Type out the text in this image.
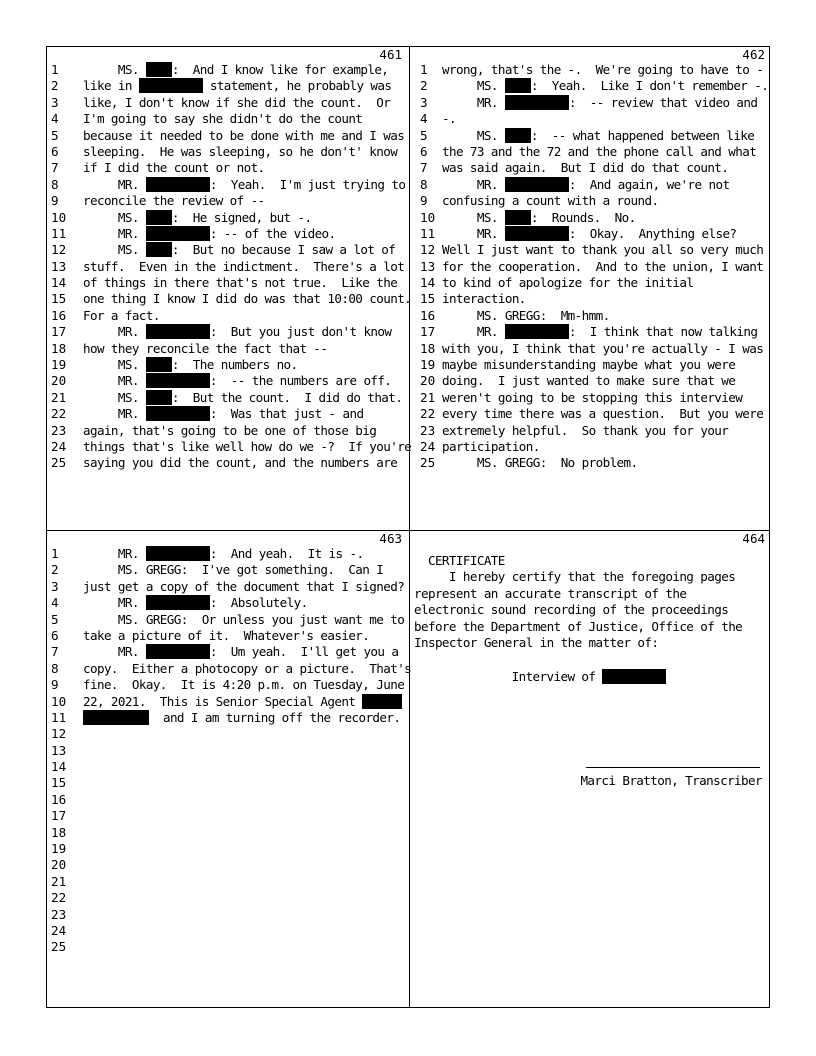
461
1	MS. :  And I know like for example,
2	like in	statement, he probably was
3	like, I don't know if she did the count.  Or
4	I'm going to say she didn't do the count
5	because it needed to be done with me and I was
6	sleeping.  He was sleeping, so he don't' know
7	if I did the count or not.
8	MR.	:  Yeah.  I'm just trying to
9	reconcile the review of --
10	MS. :  He signed, but -.
11	MR.	: -- of the video.
12	MS. :  But no because I saw a lot of
13	stuff.  Even in the indictment.  There's a lot
14	of things in there that's not true.  Like the
15	one thing I know I did do was that 10:00 count.
16	For a fact.
17	MR.	:  But you just don't know
18	how they reconcile the fact that --
19	MS. :  The numbers no.
20	MR.	:  -- the numbers are off.
21	MS. :  But the count.  I did do that.
22	MR.	:  Was that just - and
23	again, that's going to be one of those big
24	things that's like well how do we -?  If you're
25	saying you did the count, and the numbers are
462
1	wrong, that's the -.  We're going to have to -
2	MS. :  Yeah.  Like I don't remember -.
3	MR.	:  -- review that video and
4	-.
5	MS. :  -- what happened between like
6	the 73 and the 72 and the phone call and what
7	was said again.  But I did do that count.
8	MR.	:  And again, we're not
9	confusing a count with a round.
10 MS. :  Rounds.  No.
11 MR.	:  Okay.  Anything else?
12 Well I just want to thank you all so very much
13 for the cooperation.  And to the union, I want
14 to kind of apologize for the initial
15 interaction.
16 MS. GREGG:  Mm-hmm.
17 MR.	:  I think that now talking
18 with you, I think that you're actually - I was
19 maybe misunderstanding maybe what you were
20 doing.  I just wanted to make sure that we
21 weren't going to be stopping this interview
22 every time there was a question.  But you were
23 extremely helpful.  So thank you for your
24 participation.
25 MS. GREGG:  No problem.
463
1	MR.	:  And yeah.  It is -.
2	MS. GREGG:  I've got something.  Can I
3	just get a copy of the document that I signed?
4	MR.	:  Absolutely.
5	MS. GREGG:  Or unless you just want me to
6	take a picture of it.  Whatever's easier.
7	MR.	:  Um yeah.  I'll get you a
8	copy.  Either a photocopy or a picture.  That's
9	fine.  Okay.  It is 4:20 p.m. on Tuesday, June
10	22, 2021.  This is Senior Special Agent
11	and I am turning off the recorder.
12
13
14
15
16
17
18
19
20
21
22
23
24
25
464
CERTIFICATE
I hereby certify that the foregoing pages
represent an accurate transcript of the
electronic sound recording of the proceedings
before the Department of Justice, Office of the
Inspector General in the matter of:
Interview of
Marci Bratton, Transcriber
